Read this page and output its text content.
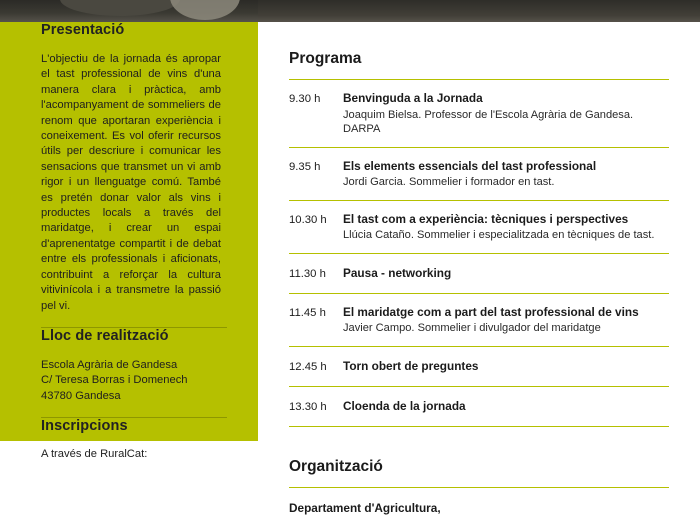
Presentació

L'objectiu de la jornada és apropar el tast professional de vins d'una manera clara i pràctica, amb l'acompanyament de sommeliers de renom que aportaran experiència i coneixement. Es vol oferir recursos útils per descriure i comunicar les sensacions que transmet un vi amb rigor i un llenguatge comú. També es pretén donar valor als vins i productes locals a través del maridatge, i crear un espai d'aprenentatge compartit i de debat entre els professionals i aficionats, contribuint a reforçar la cultura vitivinícola i a transmetre la passió pel vi.

Lloc de realització
Escola Agrària de Gandesa
C/ Teresa Borras i Domenech
43780 Gandesa
Inscripcions
A través de RuralCat: Inscripcions
Programa
9.30 h	Benvinguda a la Jornada
Joaquim Bielsa. Professor de l'Escola Agrària de Gandesa. DARPA
9.35 h	Els elements essencials del tast professional
Jordi Garcia. Sommelier i formador en tast.
10.30 h	El tast com a experiència: tècniques i perspectives
Llúcia Cataño. Sommelier i especialitzada en tècniques de tast.
11.30 h	Pausa - networking
11.45 h	El maridatge com a part del tast professional de vins
Javier Campo. Sommelier i divulgador del maridatge
12.45 h	Torn obert de preguntes
13.30 h	Cloenda de la jornada
Organització
Departament d'Agricultura,
